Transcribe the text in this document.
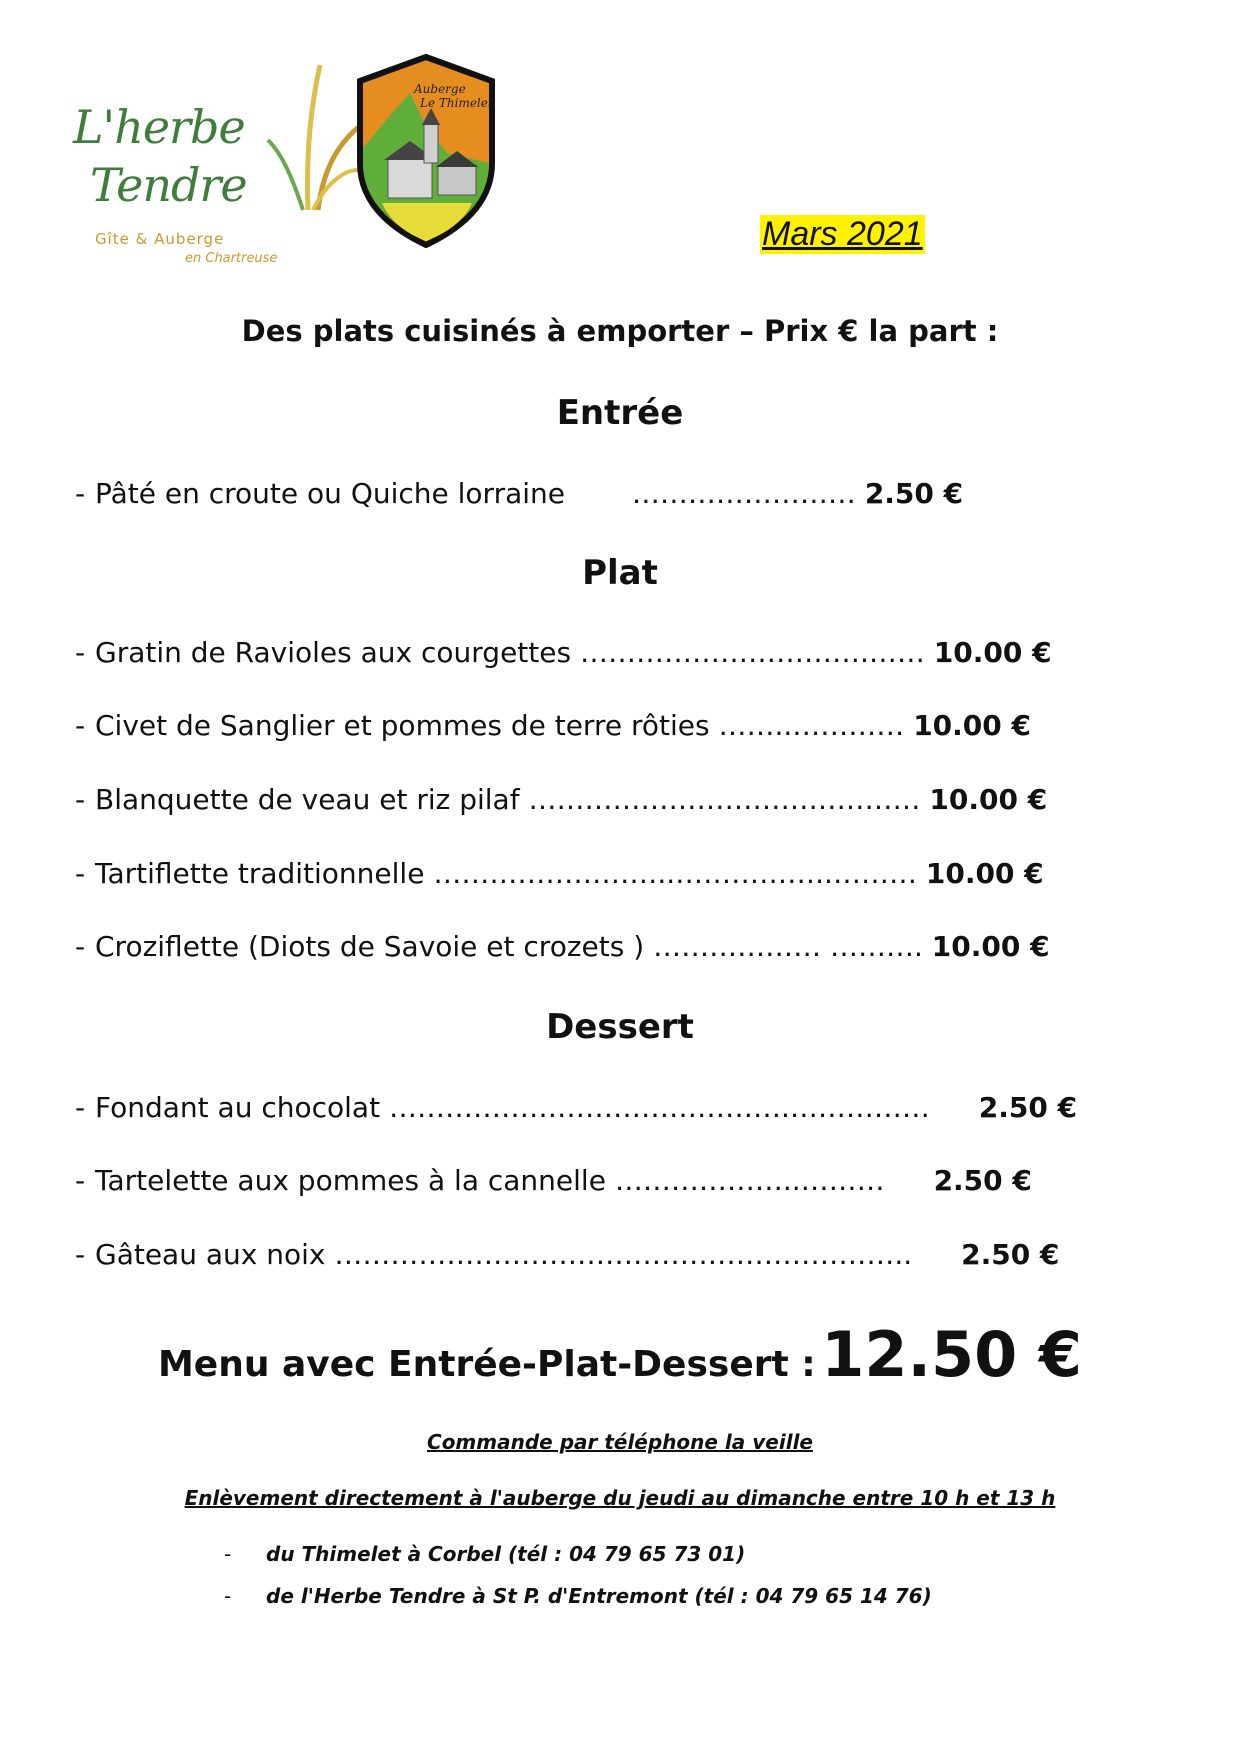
L'herbe
Tendre
Gîte & Auberge
en Chartreuse
Auberge
Le Thimelet
Mars 2021
Des plats cuisinés à emporter – Prix € la part :
Entrée
- Pâté en croute ou Quiche lorraine …………………… 2.50 €
Plat
- Gratin de Ravioles aux courgettes ………………………….…… 10.00 €
- Civet de Sanglier et pommes de terre rôties ……..………… 10.00 €
- Blanquette de veau et riz pilaf …………………………………… 10.00 €
- Tartiflette traditionnelle ……………………..……………..……… 10.00 €
- Croziflette (Diots de Savoie et crozets ) ……………… ………. 10.00 €
Dessert
- Fondant au chocolat …………………………………….…………… 2.50 €
- Tartelette aux pommes à la cannelle ………………..……… 2.50 €
- Gâteau aux noix …………………………………………………….. 2.50 €
Menu avec Entrée-Plat-Dessert : 12.50 €
Commande par téléphone la veille
Enlèvement directement à l'auberge du jeudi au dimanche entre 10 h et 13 h
- du Thimelet à Corbel (tél : 04 79 65 73 01)
- de l'Herbe Tendre à St P. d'Entremont (tél : 04 79 65 14 76)
